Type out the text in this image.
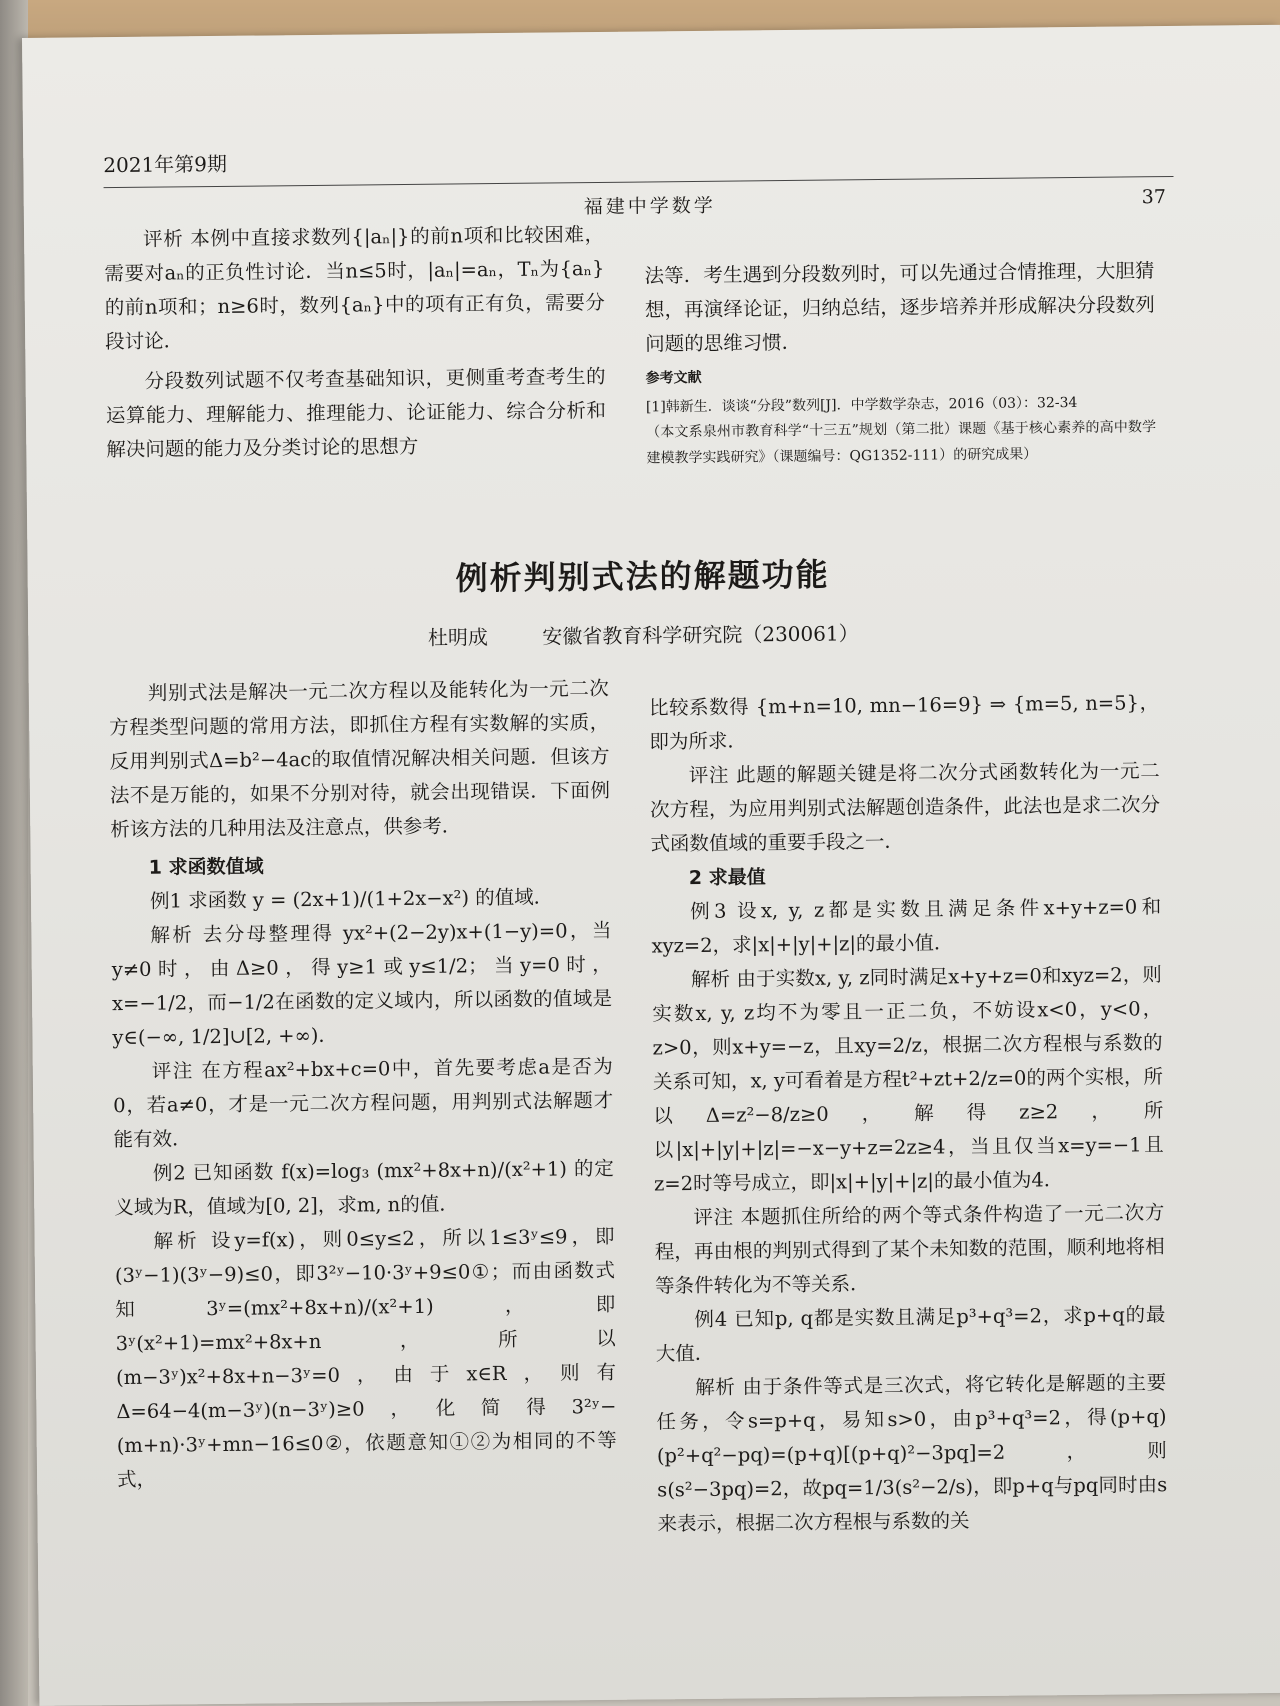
2021年第9期
福建中学数学	37

评析 本例中直接求数列{|aₙ|}的前n项和比较困难，需要对aₙ的正负性讨论．当n≤5时，|aₙ|=aₙ，Tₙ为{aₙ}的前n项和；n≥6时，数列{aₙ}中的项有正有负，需要分段讨论．

分段数列试题不仅考查基础知识，更侧重考查考生的运算能力、理解能力、推理能力、论证能力、综合分析和解决问题的能力及分类讨论的思想方

法等．考生遇到分段数列时，可以先通过合情推理，大胆猜想，再演绎论证，归纳总结，逐步培养并形成解决分段数列问题的思维习惯．

参考文献

[1]韩新生．谈谈“分段”数列[J]．中学数学杂志，2016（03）：32-34

（本文系泉州市教育科学“十三五”规划（第二批）课题《基于核心素养的高中数学建模教学实践研究》（课题编号：QG1352-111）的研究成果）

例析判别式法的解题功能
杜明成	安徽省教育科学研究院（230061）

判别式法是解决一元二次方程以及能转化为一元二次方程类型问题的常用方法，即抓住方程有实数解的实质，反用判别式Δ=b²−4ac的取值情况解决相关问题．但该方法不是万能的，如果不分别对待，就会出现错误．下面例析该方法的几种用法及注意点，供参考．

1 求函数值域

例1 求函数 y = (2x+1)/(1+2x−x²) 的值域．

解析 去分母整理得 yx²+(2−2y)x+(1−y)=0，当y≠0时，由Δ≥0，得y≥1或y≤1/2；当y=0时，x=−1/2，而−1/2在函数的定义域内，所以函数的值域是 y∈(−∞, 1/2]∪[2, +∞)．

评注 在方程ax²+bx+c=0中，首先要考虑a是否为0，若a≠0，才是一元二次方程问题，用判别式法解题才能有效．

例2 已知函数 f(x)=log₃ (mx²+8x+n)/(x²+1) 的定义域为R，值域为[0, 2]，求m, n的值．

解析 设y=f(x)，则0≤y≤2，所以1≤3ʸ≤9，即(3ʸ−1)(3ʸ−9)≤0，即3²ʸ−10·3ʸ+9≤0①；而由函数式知3ʸ=(mx²+8x+n)/(x²+1)，即3ʸ(x²+1)=mx²+8x+n，所以(m−3ʸ)x²+8x+n−3ʸ=0，由于x∈R，则有Δ=64−4(m−3ʸ)(n−3ʸ)≥0，化简得3²ʸ−(m+n)·3ʸ+mn−16≤0②，依题意知①②为相同的不等式，

比较系数得 {m+n=10, mn−16=9} ⇒ {m=5, n=5}，即为所求．

评注 此题的解题关键是将二次分式函数转化为一元二次方程，为应用判别式法解题创造条件，此法也是求二次分式函数值域的重要手段之一．

2 求最值

例3 设x, y, z都是实数且满足条件x+y+z=0和xyz=2，求|x|+|y|+|z|的最小值．

解析 由于实数x, y, z同时满足x+y+z=0和xyz=2，则实数x, y, z均不为零且一正二负，不妨设x<0，y<0，z>0，则x+y=−z，且xy=2/z，根据二次方程根与系数的关系可知，x, y可看着是方程t²+zt+2/z=0的两个实根，所以Δ=z²−8/z≥0，解得z≥2，所以|x|+|y|+|z|=−x−y+z=2z≥4，当且仅当x=y=−1且z=2时等号成立，即|x|+|y|+|z|的最小值为4．

评注 本题抓住所给的两个等式条件构造了一元二次方程，再由根的判别式得到了某个未知数的范围，顺利地将相等条件转化为不等关系．

例4 已知p, q都是实数且满足p³+q³=2，求p+q的最大值．

解析 由于条件等式是三次式，将它转化是解题的主要任务，令s=p+q，易知s>0，由p³+q³=2，得(p+q)(p²+q²−pq)=(p+q)[(p+q)²−3pq]=2，则s(s²−3pq)=2，故pq=1/3(s²−2/s)，即p+q与pq同时由s来表示，根据二次方程根与系数的关
